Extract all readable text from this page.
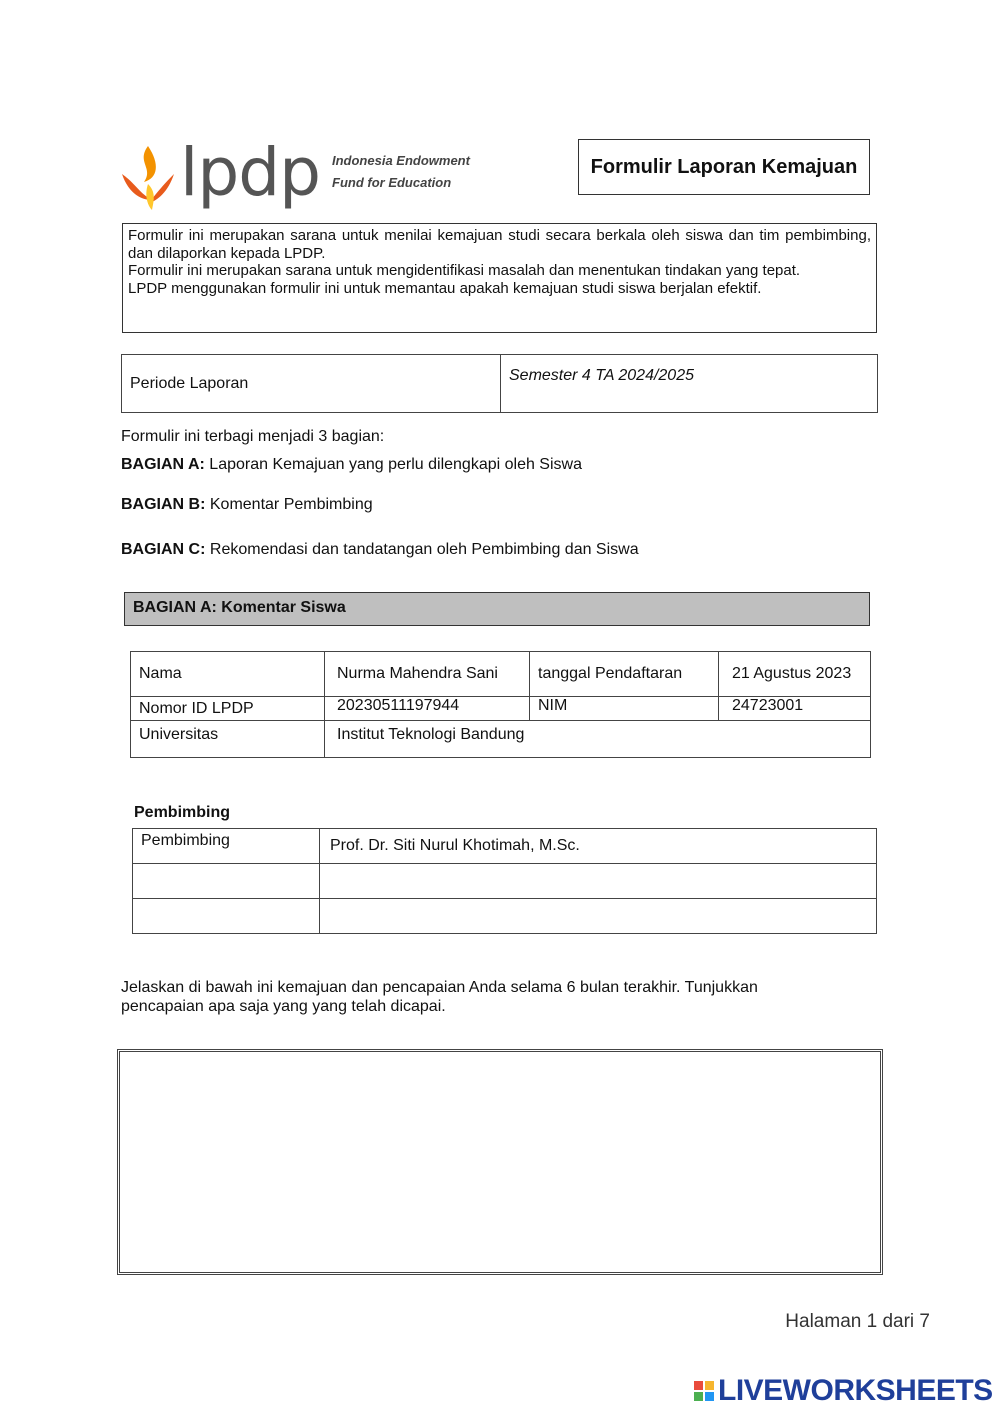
lpdp Indonesia Endowment
Fund for Education
Formulir Laporan Kemajuan

Formulir ini merupakan sarana untuk menilai kemajuan studi secara berkala oleh siswa dan tim pembimbing, dan dilaporkan kepada LPDP.

Formulir ini merupakan sarana untuk mengidentifikasi masalah dan menentukan tindakan yang tepat.

LPDP menggunakan formulir ini untuk memantau apakah kemajuan studi siswa berjalan efektif.

Periode Laporan	Semester 4 TA 2024/2025
Formulir ini terbagi menjadi 3 bagian:
BAGIAN A: Laporan Kemajuan yang perlu dilengkapi oleh Siswa
BAGIAN B: Komentar Pembimbing
BAGIAN C: Rekomendasi dan tandatangan oleh Pembimbing dan Siswa
BAGIAN A: Komentar Siswa
Nama	Nurma Mahendra Sani	tanggal Pendaftaran	21 Agustus 2023
Nomor ID LPDP	20230511197944	NIM	24723001
Universitas	Institut Teknologi Bandung		
Pembimbing
Pembimbing	Prof. Dr. Siti Nurul Khotimah, M.Sc.

Jelaskan di bawah ini kemajuan dan pencapaian Anda selama 6 bulan terakhir. Tunjukkan
pencapaian apa saja yang yang telah dicapai.
Halaman 1 dari 7
LIVEWORKSHEETS
